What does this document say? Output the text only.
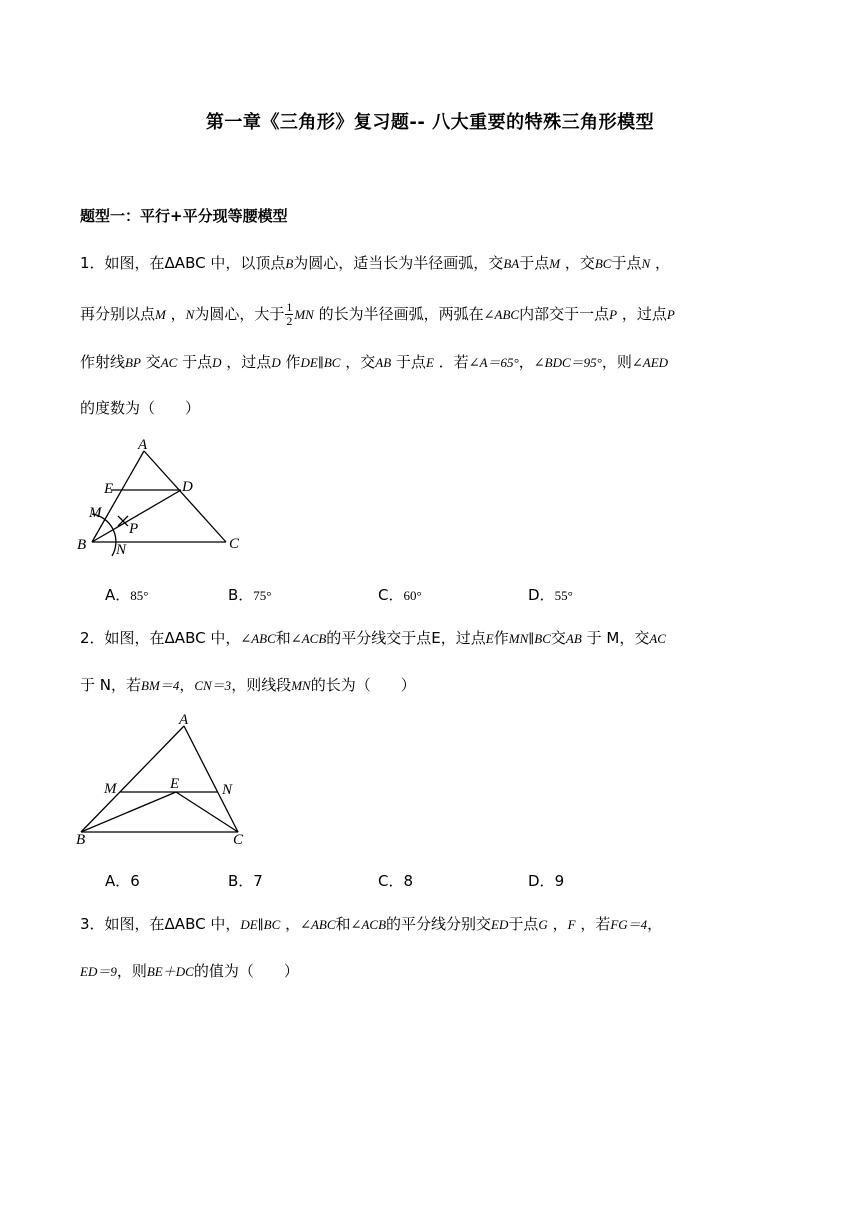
第一章《三角形》复习题-- 八大重要的特殊三角形模型
题型一：平行+平分现等腰模型
1．如图，在ΔABC 中，以顶点B为圆心，适当长为半径画弧，交BA于点M ，交BC于点N ，
再分别以点M ，N为圆心，大于 $\frac{1}{2}$ MN 的长为半径画弧，两弧在∠ABC内部交于一点P ，过点P
作射线BP 交AC 于点D ，过点D 作DE∥BC ，交AB 于点E ．若∠A＝65°，∠BDC＝95°，则∠AED
的度数为（　　）
A
E	D
M
P
B N	C
A．85°	B．75°	C．60°	D．55°
2．如图，在ΔABC 中，∠ABC和∠ACB的平分线交于点E，过点E作MN∥BC交AB 于 M，交AC
于 N，若BM＝4，CN＝3，则线段MN的长为（　　）
A
M	E	N
B	C
A．6	B．7	C．8	D．9
3．如图，在ΔABC 中，DE∥BC ，∠ABC和∠ACB的平分线分别交ED于点G ，F ，若FG＝4，
ED＝9，则BE＋DC的值为（　　）
